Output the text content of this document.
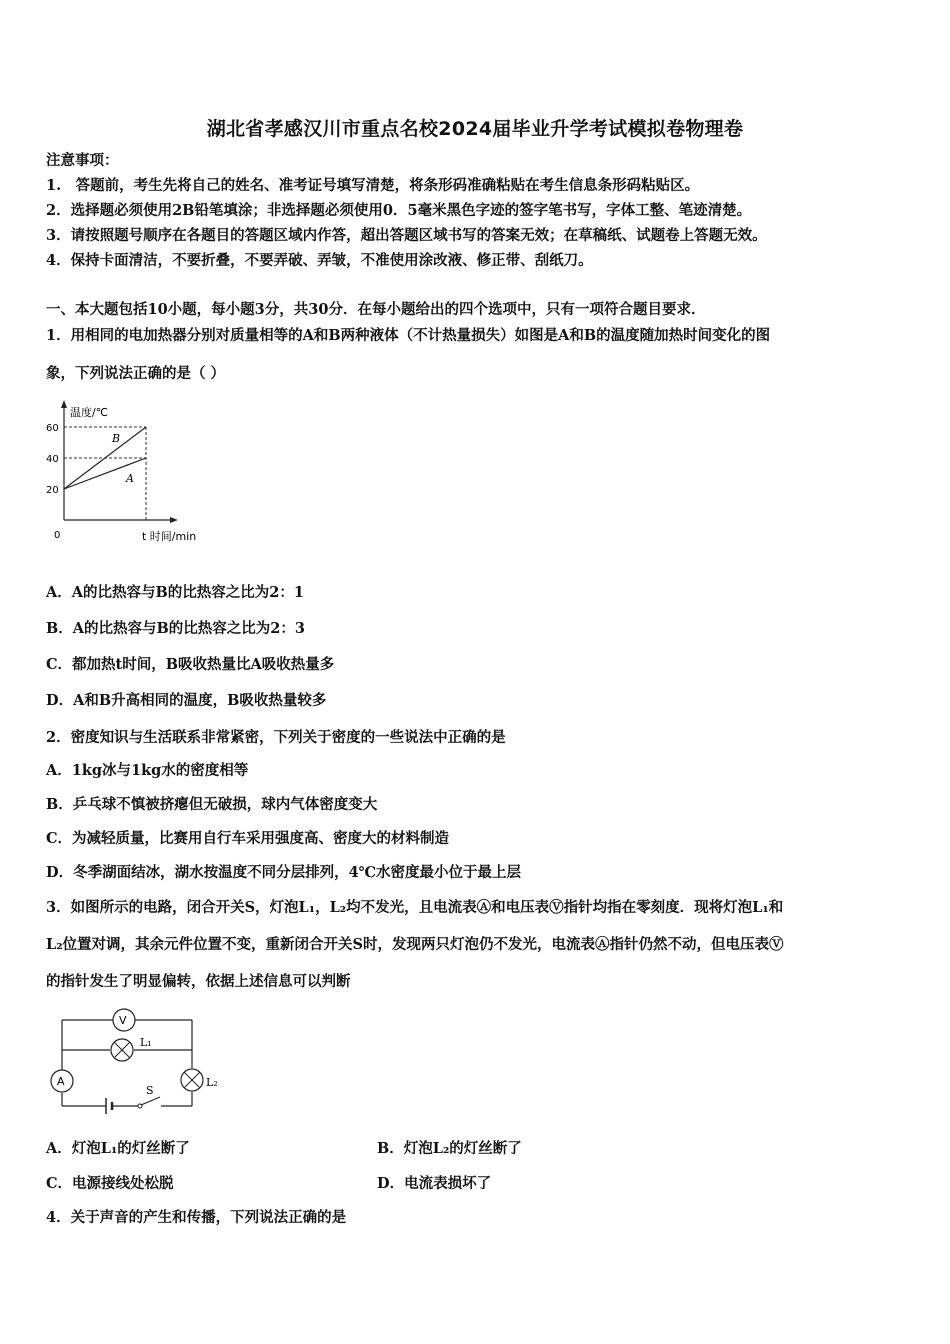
湖北省孝感汉川市重点名校2024届毕业升学考试模拟卷物理卷
注意事项：
1.　答题前，考生先将自己的姓名、准考证号填写清楚，将条形码准确粘贴在考生信息条形码粘贴区。
2．选择题必须使用2B铅笔填涂；非选择题必须使用0．5毫米黑色字迹的签字笔书写，字体工整、笔迹清楚。
3．请按照题号顺序在各题目的答题区域内作答，超出答题区域书写的答案无效；在草稿纸、试题卷上答题无效。
4．保持卡面清洁，不要折叠，不要弄破、弄皱，不准使用涂改液、修正带、刮纸刀。
一、本大题包括10小题，每小题3分，共30分．在每小题给出的四个选项中，只有一项符合题目要求．
1．用相同的电加热器分别对质量相等的A和B两种液体（不计热量损失）如图是A和B的温度随加热时间变化的图
象，下列说法正确的是（ ）
温度/℃
60
40
20
0	t 时间/min
B
A
A．A的比热容与B的比热容之比为2：1
B．A的比热容与B的比热容之比为2：3
C．都加热t时间，B吸收热量比A吸收热量多
D．A和B升高相同的温度，B吸收热量较多
2．密度知识与生活联系非常紧密，下列关于密度的一些说法中正确的是
A．1kg冰与1kg水的密度相等
B．乒乓球不慎被挤瘪但无破损，球内气体密度变大
C．为减轻质量，比赛用自行车采用强度高、密度大的材料制造
D．冬季湖面结冰，湖水按温度不同分层排列，4℃水密度最小位于最上层
3．如图所示的电路，闭合开关S，灯泡L₁，L₂均不发光，且电流表Ⓐ和电压表Ⓥ指针均指在零刻度．现将灯泡L₁和
L₂位置对调，其余元件位置不变，重新闭合开关S时，发现两只灯泡仍不发光，电流表Ⓐ指针仍然不动，但电压表Ⓥ
的指针发生了明显偏转，依据上述信息可以判断
V
L₁
A	L₂
S
A．灯泡L₁的灯丝断了	B．灯泡L₂的灯丝断了
C．电源接线处松脱	D．电流表损坏了
4．关于声音的产生和传播，下列说法正确的是
